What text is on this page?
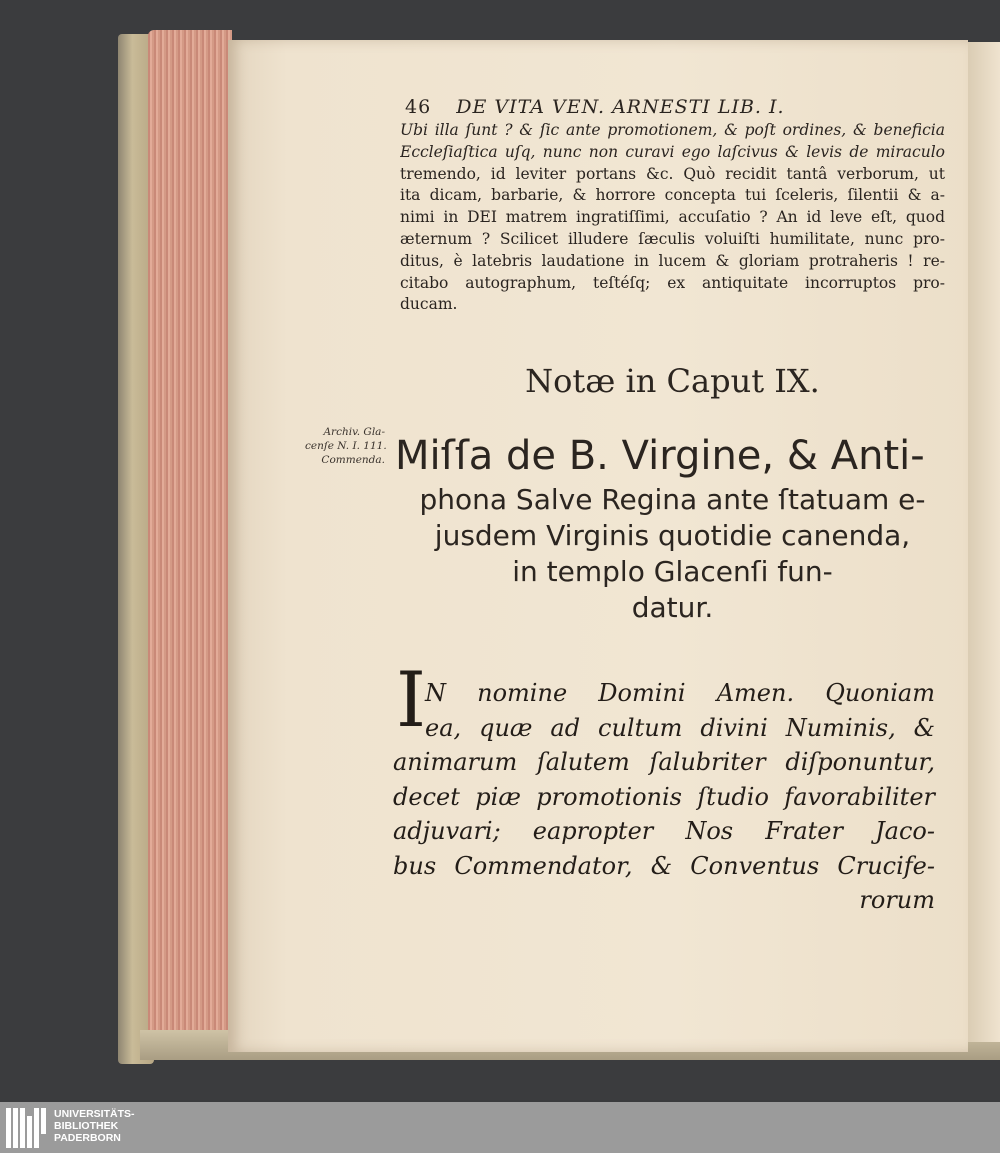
46 DE VITA VEN. ARNESTI LIB. I.
Ubi illa ſunt ? & ſic ante promotionem, & poſt ordines, & beneficia
Eccleſiaſtica uſq, nunc non curavi ego laſcivus & levis de miraculo
tremendo, id leviter portans &c. Quò recidit tantâ verborum, ut
ita dicam, barbarie, & horrore concepta tui ſceleris, ſilentii & a-
nimi in DEI matrem ingratiſſimi, accuſatio ? An id leve eſt, quod
æternum ? Scilicet illudere ſæculis voluiſti humilitate, nunc pro-
ditus, è latebris laudatione in lucem & gloriam protraheris ! re-
citabo autographum, teſtéſq; ex antiquitate incorruptos pro-
ducam.
Notæ in Caput IX.
Archiv. Gla-
cenſe N. I. 111.
Commenda. Miſſa de B. Virgine, & Anti-
phona Salve Regina ante ſtatuam e-
jusdem Virginis quotidie canenda,
in templo Glacenſi fun-
datur.
I
N nomine Domini Amen. Quoniam
ea, quæ ad cultum divini Numinis, &
animarum ſalutem ſalubriter diſponuntur,
decet piæ promotionis ſtudio favorabiliter
adjuvari; eapropter Nos Frater Jaco-
bus Commendator, & Conventus Crucife-
rorum
UNIVERSITÄTS-
BIBLIOTHEK
PADERBORN
